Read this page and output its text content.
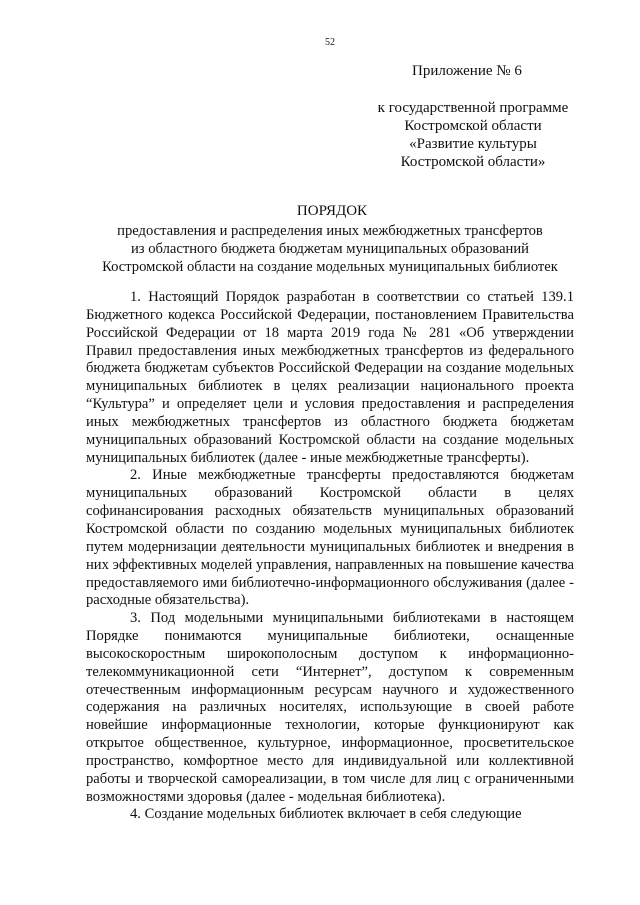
52
Приложение № 6
к государственной программе
Костромской области
«Развитие культуры
Костромской области»
ПОРЯДОК
предоставления и распределения иных межбюджетных трансфертов
из областного бюджета бюджетам муниципальных образований
Костромской области на создание модельных муниципальных библиотек

1. Настоящий Порядок разработан в соответствии со статьей 139.1 Бюджетного кодекса Российской Федерации, постановлением Правительства Российской Федерации от 18 марта 2019 года № 281 «Об утверждении Правил предоставления иных межбюджетных трансфертов из федерального бюджета бюджетам субъектов Российской Федерации на создание модельных муниципальных библиотек в целях реализации национального проекта “Культура” и определяет цели и условия предоставления и распределения иных межбюджетных трансфертов из областного бюджета бюджетам муниципальных образований Костромской области на создание модельных муниципальных библиотек (далее - иные межбюджетные трансферты).

2. Иные межбюджетные трансферты предоставляются бюджетам муниципальных образований Костромской области в целях софинансирования расходных обязательств муниципальных образований Костромской области по созданию модельных муниципальных библиотек путем модернизации деятельности муниципальных библиотек и внедрения в них эффективных моделей управления, направленных на повышение качества предоставляемого ими библиотечно-информационного обслуживания (далее - расходные обязательства).

3. Под модельными муниципальными библиотеками в настоящем Порядке понимаются муниципальные библиотеки, оснащенные высокоскоростным широкополосным доступом к информационно-телекоммуникационной сети “Интернет”, доступом к современным отечественным информационным ресурсам научного и художественного содержания на различных носителях, использующие в своей работе новейшие информационные технологии, которые функционируют как открытое общественное, культурное, информационное, просветительское пространство, комфортное место для индивидуальной или коллективной работы и творческой самореализации, в том числе для лиц с ограниченными возможностями здоровья (далее - модельная библиотека).

4. Создание модельных библиотек включает в себя следующие
